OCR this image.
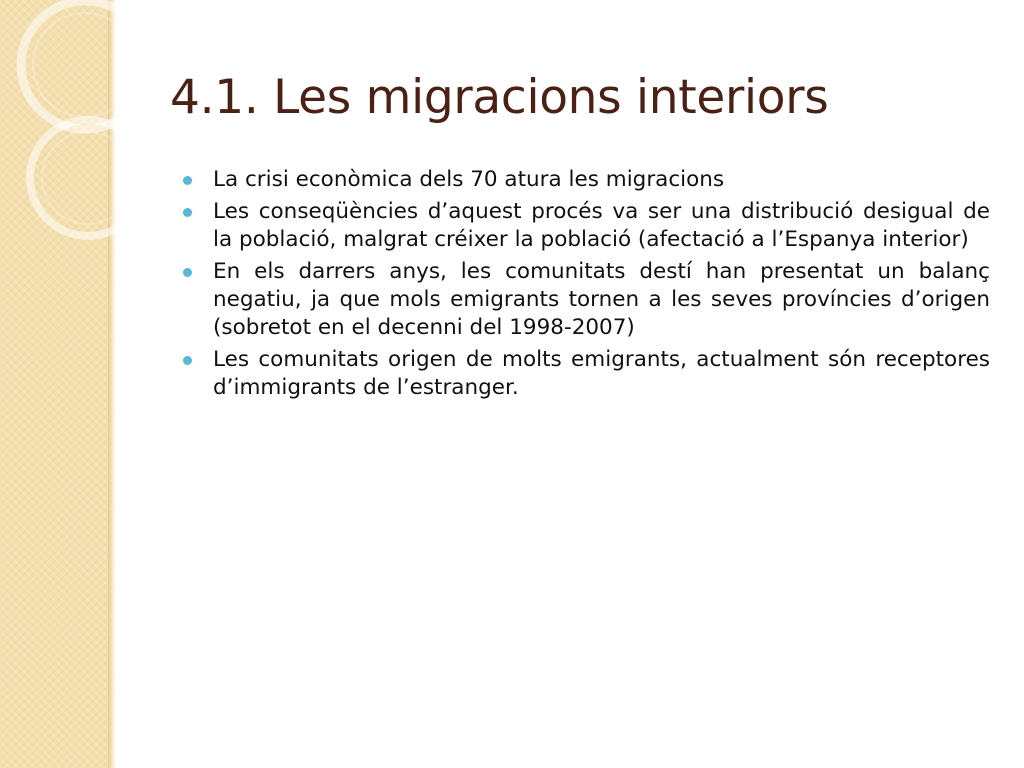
4.1. Les migracions interiors
La crisi econòmica dels 70 atura les migracions
Les conseqüències d’aquest procés va ser una distribució desigual de la població, malgrat créixer la població (afectació a l’Espanya interior)
En els darrers anys, les comunitats destí han presentat un balanç negatiu, ja que mols emigrants tornen a les seves províncies d’origen (sobretot en el decenni del 1998-2007)
Les comunitats origen de molts emigrants, actualment són receptores d’immigrants de l’estranger.
